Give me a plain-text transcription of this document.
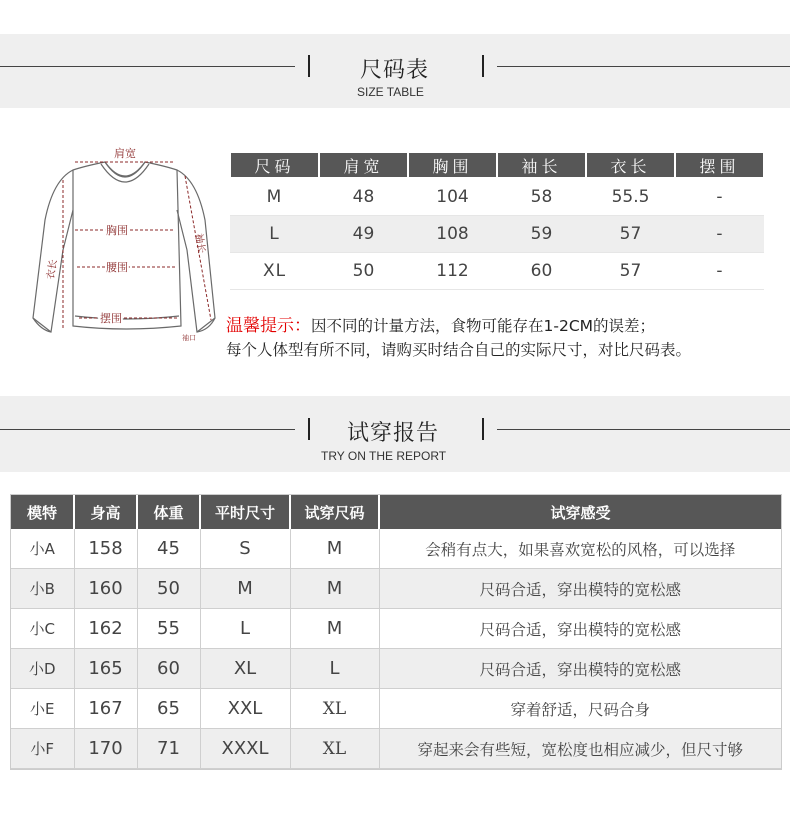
尺码表
SIZE TABLE
肩宽
胸围
腰围
摆围
衣长
袖长
袖口
尺码	肩宽	胸围	袖长	衣长	摆围
M	48	104	58	55.5	-
L	49	108	59	57	-
XL	50	112	60	57	-
温馨提示：因不同的计量方法，食物可能存在1-2CM的误差；
每个人体型有所不同，请购买时结合自己的实际尺寸，对比尺码表。
试穿报告
TRY ON THE REPORT
模特	身高	体重	平时尺寸	试穿尺码	试穿感受
小A	158	45	S	M	会稍有点大，如果喜欢宽松的风格，可以选择
小B	160	50	M	M	尺码合适，穿出模特的宽松感
小C	162	55	L	M	尺码合适，穿出模特的宽松感
小D	165	60	XL	L	尺码合适，穿出模特的宽松感
小E	167	65	XXL	XL	穿着舒适，尺码合身
小F	170	71	XXXL	XL	穿起来会有些短，宽松度也相应减少，但尺寸够
